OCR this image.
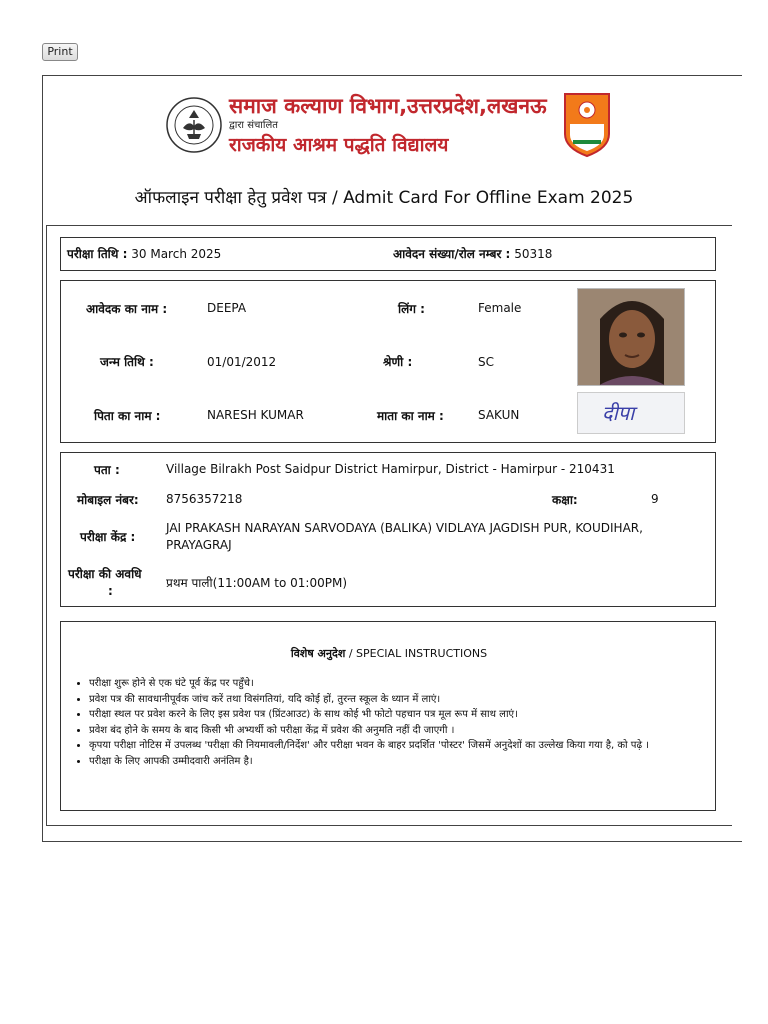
Print
समाज कल्याण विभाग,उत्तरप्रदेश,लखनऊ
द्वारा संचालित
राजकीय आश्रम पद्धति विद्यालय
ऑफलाइन परीक्षा हेतु प्रवेश पत्र / Admit Card For Offline Exam 2025
परीक्षा तिथि : 30 March 2025	आवेदन संख्या/रोल नम्बर : 50318
आवेदक का नाम :	DEEPA	लिंग :	Female
जन्म तिथि :	01/01/2012	श्रेणी :	SC
पिता का नाम :	NARESH KUMAR	माता का नाम :	SAKUN	दीपा
पता :	Village Bilrakh Post Saidpur District Hamirpur, District - Hamirpur - 210431
मोबाइल नंबर: 8756357218	कक्षा:	9
परीक्षा केंद्र :
JAI PRAKASH NARAYAN SARVODAYA (BALIKA) VIDLAYA JAGDISH PUR, KOUDIHAR,
PRAYAGRAJ
परीक्षा की अवधि
:
प्रथम पाली(11:00AM to 01:00PM)
विशेष अनुदेश / SPECIAL INSTRUCTIONS
• परीक्षा शुरू होने से एक घंटे पूर्व केंद्र पर पहुँचे।
• प्रवेश पत्र की सावधानीपूर्वक जांच करें तथा विसंगतियां, यदि कोई हों, तुरन्त स्कूल के ध्यान में लाएं।
• परीक्षा स्थल पर प्रवेश करने के लिए इस प्रवेश पत्र (प्रिंटआउट) के साथ कोई भी फोटो पहचान पत्र मूल रूप में साथ लाएं।
• प्रवेश बंद होने के समय के बाद किसी भी अभ्यर्थी को परीक्षा केंद्र में प्रवेश की अनुमति नहीं दी जाएगी ।
• कृपया परीक्षा नोटिस में उपलब्ध 'परीक्षा की नियमावली/निर्देश' और परीक्षा भवन के बाहर प्रदर्शित 'पोस्टर' जिसमें अनुदेशों का उल्लेख किया गया है, को पढ़े ।
• परीक्षा के लिए आपकी उम्मीदवारी अनंतिम है।
